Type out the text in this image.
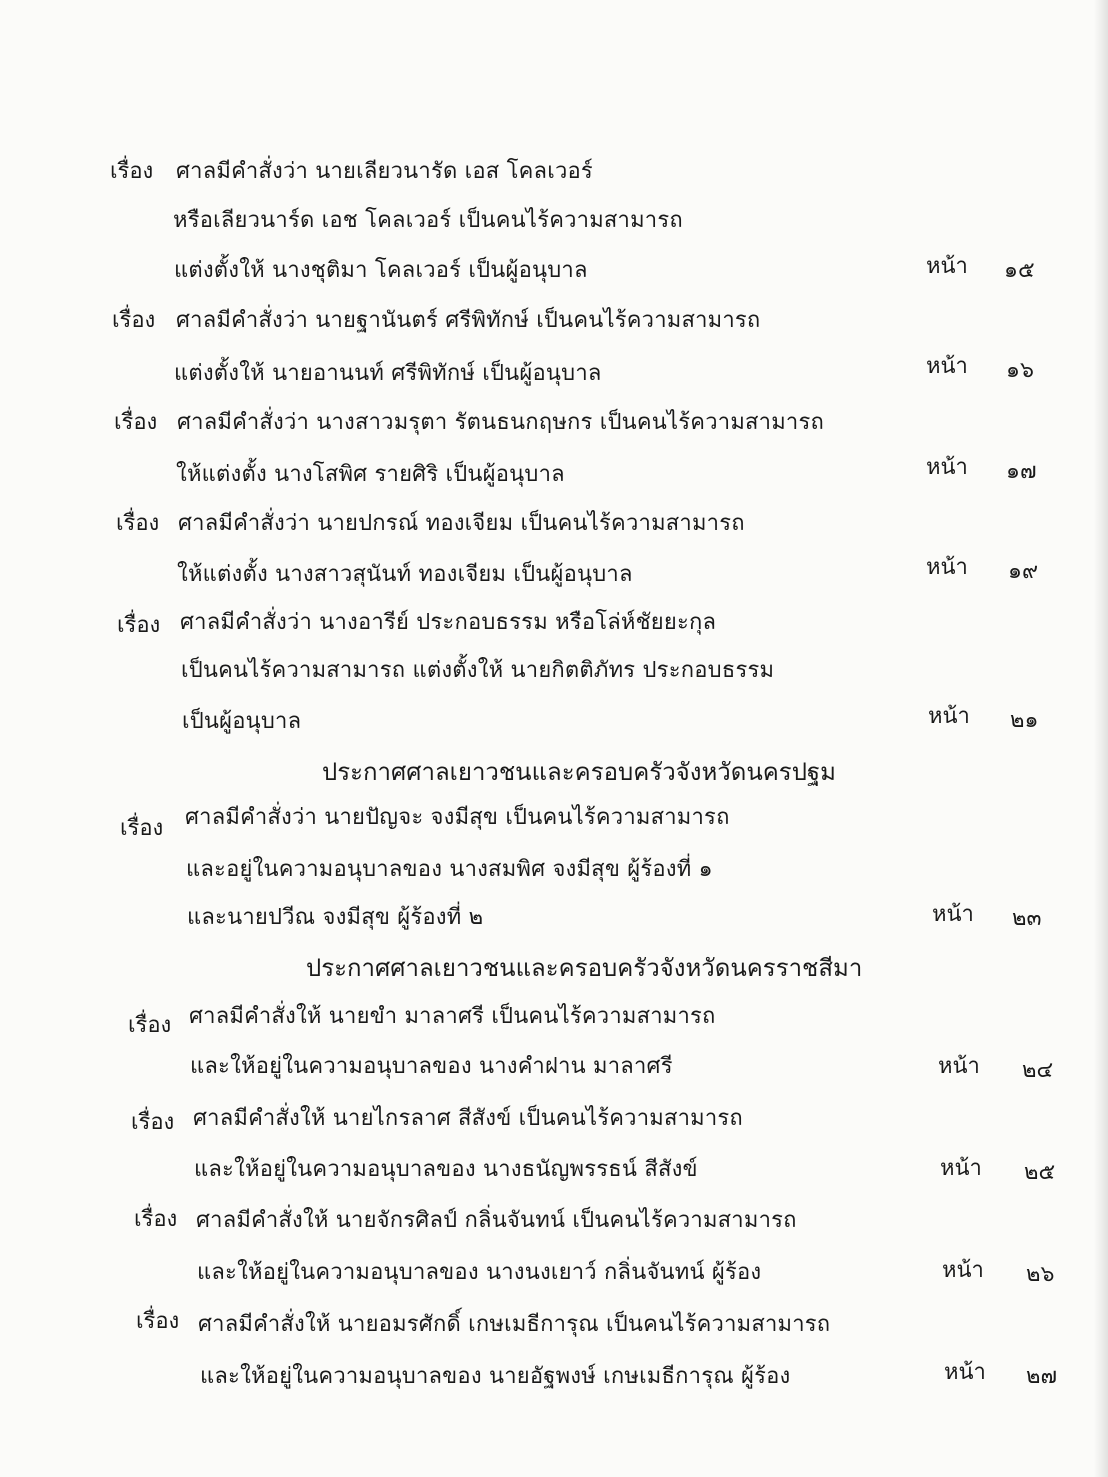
เรื่อง ศาลมีคำสั่งว่า นายเลียวนารัด เอส โคลเวอร์
หรือเลียวนาร์ด เอช โคลเวอร์ เป็นคนไร้ความสามารถ
แต่งตั้งให้ นางชุติมา โคลเวอร์ เป็นผู้อนุบาล	หน้า ๑๕
เรื่อง ศาลมีคำสั่งว่า นายฐานันตร์ ศรีพิทักษ์ เป็นคนไร้ความสามารถ
แต่งตั้งให้ นายอานนท์ ศรีพิทักษ์ เป็นผู้อนุบาล	หน้า ๑๖
เรื่อง ศาลมีคำสั่งว่า นางสาวมรุตา รัตนธนกฤษกร เป็นคนไร้ความสามารถ
ให้แต่งตั้ง นางโสพิศ รายศิริ เป็นผู้อนุบาล	หน้า ๑๗
เรื่อง ศาลมีคำสั่งว่า นายปกรณ์ ทองเจียม เป็นคนไร้ความสามารถ
ให้แต่งตั้ง นางสาวสุนันท์ ทองเจียม เป็นผู้อนุบาล	หน้า ๑๙
เรื่อง ศาลมีคำสั่งว่า นางอารีย์ ประกอบธรรม หรือโล่ห์ชัยยะกุล
เป็นคนไร้ความสามารถ แต่งตั้งให้ นายกิตติภัทร ประกอบธรรม
เป็นผู้อนุบาล	หน้า ๒๑
ประกาศศาลเยาวชนและครอบครัวจังหวัดนครปฐม
เรื่อง ศาลมีคำสั่งว่า นายปัญจะ จงมีสุข เป็นคนไร้ความสามารถ
และอยู่ในความอนุบาลของ นางสมพิศ จงมีสุข ผู้ร้องที่ ๑
และนายปวีณ จงมีสุข ผู้ร้องที่ ๒	หน้า ๒๓
ประกาศศาลเยาวชนและครอบครัวจังหวัดนครราชสีมา
เรื่อง ศาลมีคำสั่งให้ นายขำ มาลาศรี เป็นคนไร้ความสามารถ
และให้อยู่ในความอนุบาลของ นางคำฝาน มาลาศรี	หน้า ๒๔
เรื่อง ศาลมีคำสั่งให้ นายไกรลาศ สีสังข์ เป็นคนไร้ความสามารถ
และให้อยู่ในความอนุบาลของ นางธนัญพรรธน์ สีสังข์	หน้า ๒๕
เรื่อง ศาลมีคำสั่งให้ นายจักรศิลป์ กลิ่นจันทน์ เป็นคนไร้ความสามารถ
และให้อยู่ในความอนุบาลของ นางนงเยาว์ กลิ่นจันทน์ ผู้ร้อง	หน้า ๒๖
เรื่อง ศาลมีคำสั่งให้ นายอมรศักดิ์ เกษเมธีการุณ เป็นคนไร้ความสามารถ
และให้อยู่ในความอนุบาลของ นายอัฐพงษ์ เกษเมธีการุณ ผู้ร้อง	หน้า ๒๗
